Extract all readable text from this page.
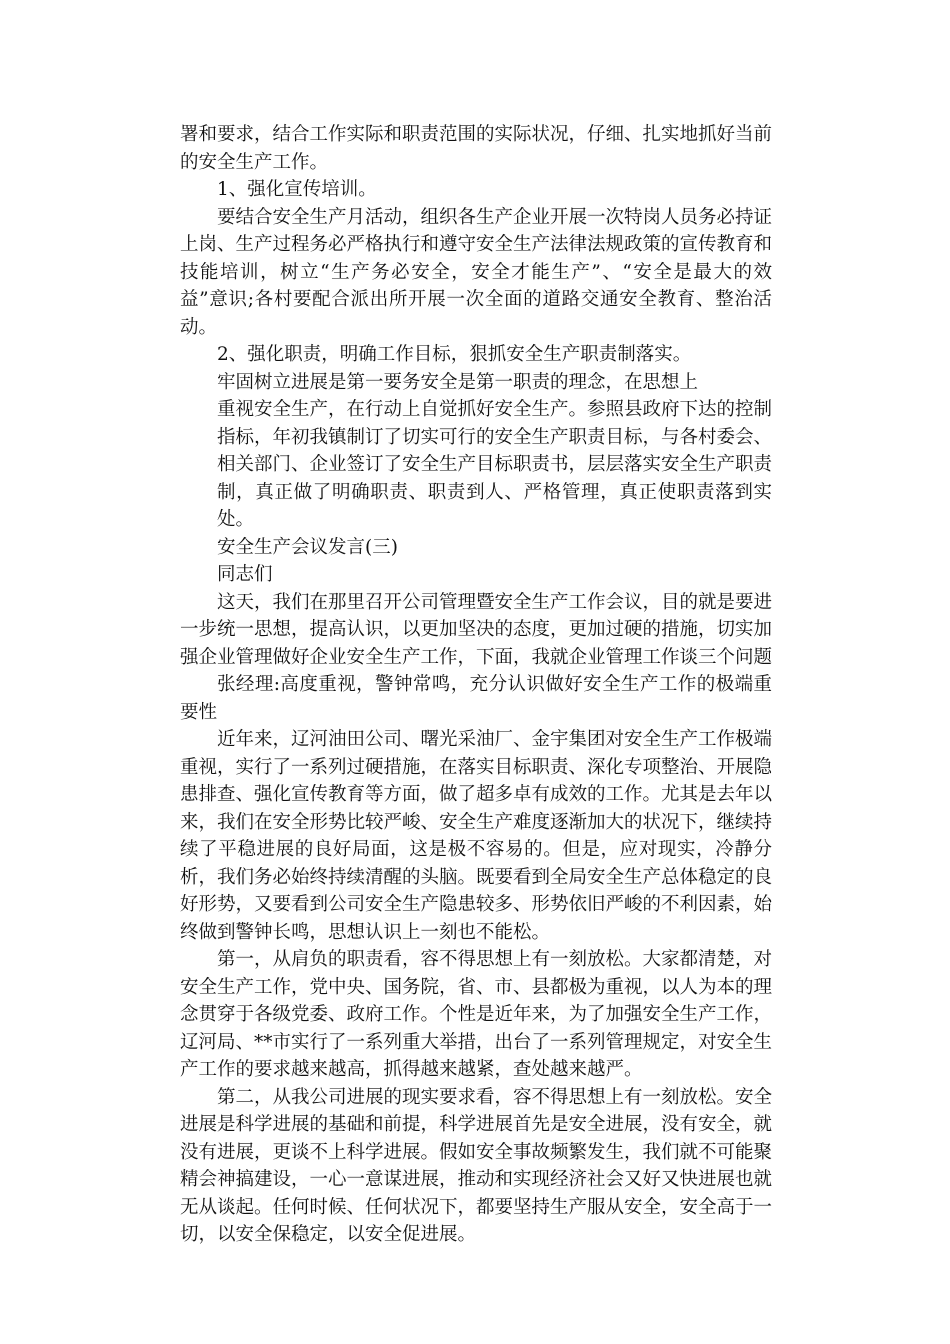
署和要求，结合工作实际和职责范围的实际状况，仔细、扎实地抓好当前的安全生产工作。

1、强化宣传培训。

要结合安全生产月活动，组织各生产企业开展一次特岗人员务必持证上岗、生产过程务必严格执行和遵守安全生产法律法规政策的宣传教育和技能培训，树立“生产务必安全，安全才能生产”、“安全是最大的效益”意识;各村要配合派出所开展一次全面的道路交通安全教育、整治活动。

2、强化职责，明确工作目标，狠抓安全生产职责制落实。

牢固树立进展是第一要务安全是第一职责的理念，在思想上

重视安全生产，在行动上自觉抓好安全生产。参照县政府下达的控制指标，年初我镇制订了切实可行的安全生产职责目标，与各村委会、相关部门、企业签订了安全生产目标职责书，层层落实安全生产职责制，真正做了明确职责、职责到人、严格管理，真正使职责落到实处。

安全生产会议发言(三)

同志们

这天，我们在那里召开公司管理暨安全生产工作会议，目的就是要进一步统一思想，提高认识，以更加坚决的态度，更加过硬的措施，切实加强企业管理做好企业安全生产工作，下面，我就企业管理工作谈三个问题

张经理:高度重视，警钟常鸣，充分认识做好安全生产工作的极端重要性

近年来，辽河油田公司、曙光采油厂、金宇集团对安全生产工作极端重视，实行了一系列过硬措施，在落实目标职责、深化专项整治、开展隐患排查、强化宣传教育等方面，做了超多卓有成效的工作。尤其是去年以来，我们在安全形势比较严峻、安全生产难度逐渐加大的状况下，继续持续了平稳进展的良好局面，这是极不容易的。但是，应对现实，冷静分析，我们务必始终持续清醒的头脑。既要看到全局安全生产总体稳定的良好形势，又要看到公司安全生产隐患较多、形势依旧严峻的不利因素，始终做到警钟长鸣，思想认识上一刻也不能松。

第一，从肩负的职责看，容不得思想上有一刻放松。大家都清楚，对安全生产工作，党中央、国务院，省、市、县都极为重视，以人为本的理念贯穿于各级党委、政府工作。个性是近年来，为了加强安全生产工作，辽河局、**市实行了一系列重大举措，出台了一系列管理规定，对安全生产工作的要求越来越高，抓得越来越紧，查处越来越严。

第二，从我公司进展的现实要求看，容不得思想上有一刻放松。安全进展是科学进展的基础和前提，科学进展首先是安全进展，没有安全，就没有进展，更谈不上科学进展。假如安全事故频繁发生，我们就不可能聚精会神搞建设，一心一意谋进展，推动和实现经济社会又好又快进展也就无从谈起。任何时候、任何状况下，都要坚持生产服从安全，安全高于一切，以安全保稳定，以安全促进展。
